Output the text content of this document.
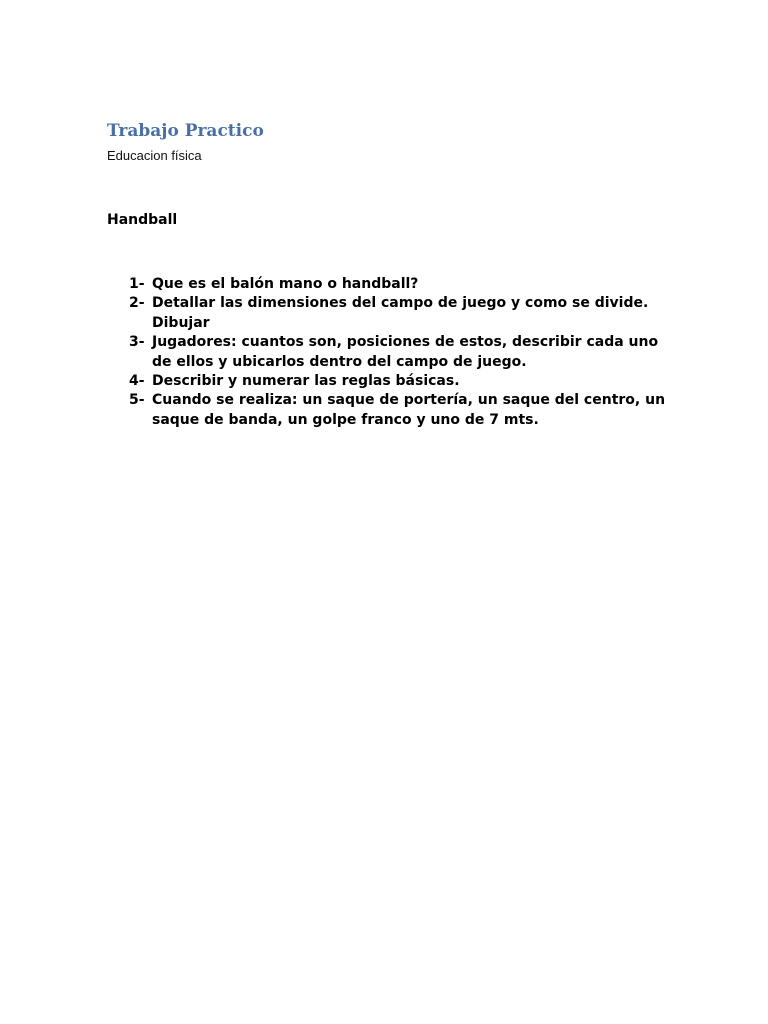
Trabajo Practico

Educacion física

Handball
1- Que es el balón mano o handball?
2- Detallar las dimensiones del campo de juego y como se divide. Dibujar
3- Jugadores: cuantos son, posiciones de estos, describir cada uno de ellos y ubicarlos dentro del campo de juego.
4- Describir y numerar las reglas básicas.
5- Cuando se realiza: un saque de portería, un saque del centro, un saque de banda, un golpe franco y uno de 7 mts.
